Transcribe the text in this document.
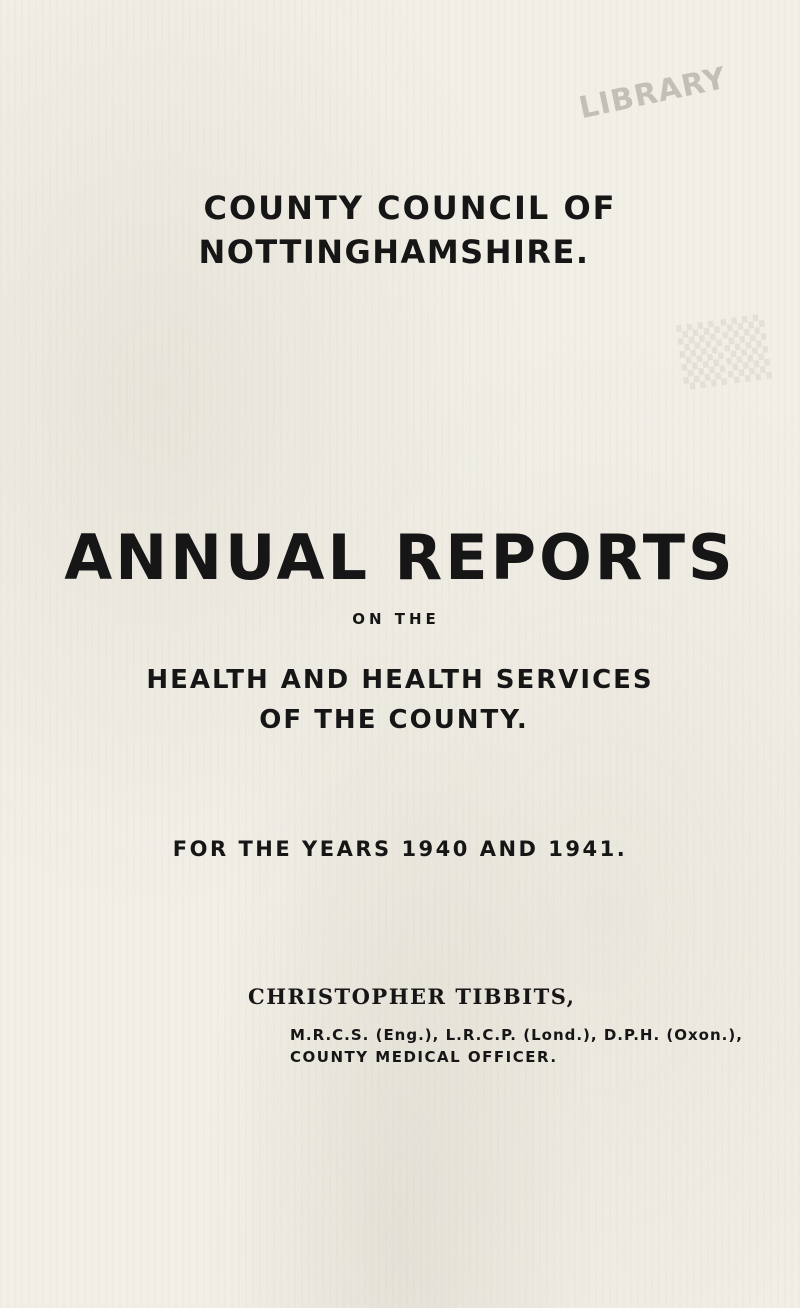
LIBRARY
▒▒
COUNTY COUNCIL OF
NOTTINGHAMSHIRE.
ANNUAL REPORTS
ON THE
HEALTH AND HEALTH SERVICES
OF THE COUNTY.
FOR THE YEARS 1940 AND 1941.
CHRISTOPHER TIBBITS,
M.R.C.S. (Eng.), L.R.C.P. (Lond.), D.P.H. (Oxon.),
COUNTY MEDICAL OFFICER.
